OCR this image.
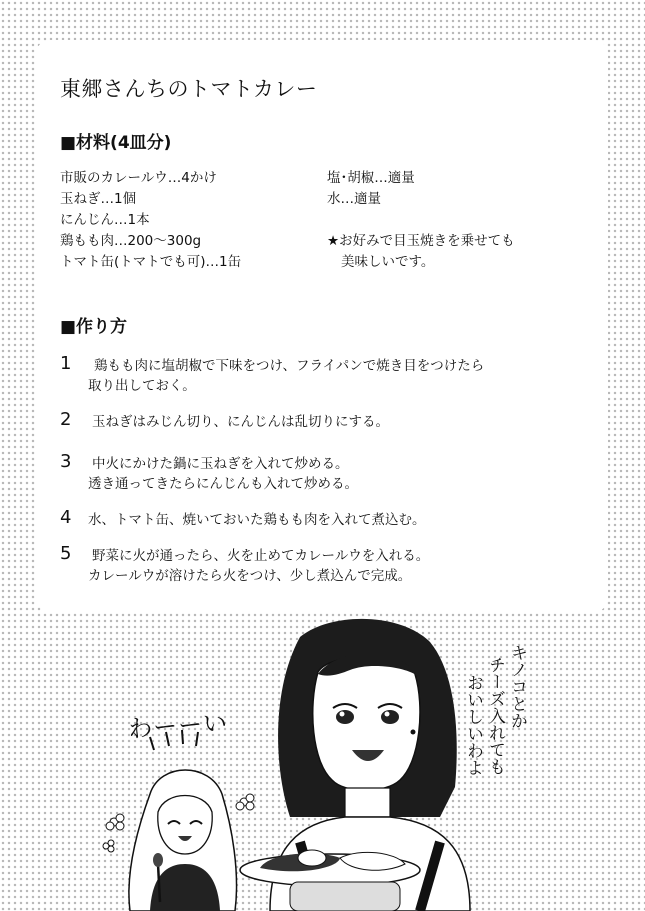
東郷さんちのトマトカレー
■材料(4皿分)
市販のカレールウ…4かけ
玉ねぎ…1個
にんじん…1本
鶏もも肉…200〜300g
トマト缶(トマトでも可)…1缶
塩･胡椒…適量
水…適量
★お好みで目玉焼きを乗せても
美味しいです。
■作り方
1	鶏もも肉に塩胡椒で下味をつけ、フライパンで焼き目をつけたら
取り出しておく。
2 玉ねぎはみじん切り、にんじんは乱切りにする。
3 中火にかけた鍋に玉ねぎを入れて炒める。
透き通ってきたらにんじんも入れて炒める。
4 水、トマト缶、焼いておいた鶏もも肉を入れて煮込む。
5 野菜に火が通ったら、火を止めてカレールウを入れる。
カレールウが溶けたら火をつけ、少し煮込んで完成。
わーーい	キノコとか
チーズ入れても
おいしいわよ
